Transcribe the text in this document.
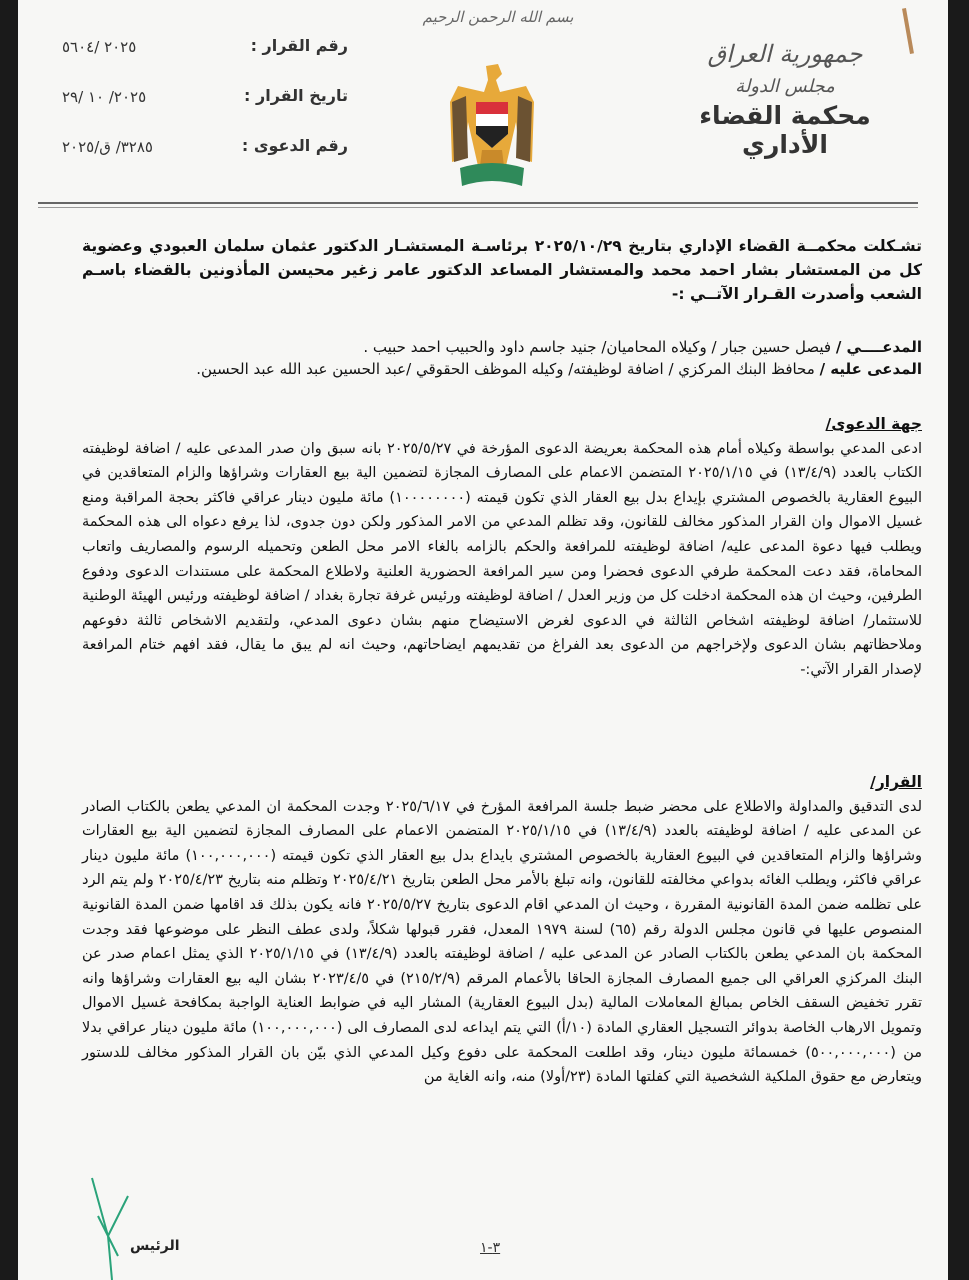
بسم الله الرحمن الرحيم
جمهورية العراق
مجلس الدولة
محكمة القضاء الأداري
رقم القرار :
٢٠٢٥ /٥٦٠٤
تاريخ القرار :
٢٠٢٥/ ١٠ /٢٩
رقم الدعوى :
٣٢٨٥/ ق/٢٠٢٥
تشـكلت محكمــة القضاء الإداري بتاريخ ٢٠٢٥/١٠/٢٩ برئاسـة المستشـار الدكتور عثمان سلمان العبودي وعضوية كل من المستشار بشار احمد محمد والمستشار المساعد الدكتور عامر زغير محيسن المأذونين بالقضاء باسـم الشعب وأصدرت القـرار الآتــي :-
المدعــــي / فيصل حسين جبار / وكيلاه المحاميان/ جنيد جاسم داود والحبيب احمد حبيب .
المدعى عليه / محافظ البنك المركزي / اضافة لوظيفته/ وكيله الموظف الحقوقي /عبد الحسين عبد الله عبد الحسين.
جهة الدعوى/
ادعى المدعي بواسطة وكيلاه أمام هذه المحكمة بعريضة الدعوى المؤرخة في ٢٠٢٥/٥/٢٧ بانه سبق وان صدر المدعى عليه / اضافة لوظيفته الكتاب بالعدد (١٣/٤/٩) في ٢٠٢٥/١/١٥ المتضمن الاعمام على المصارف المجازة لتضمين الية بيع العقارات وشراؤها والزام المتعاقدين في البيوع العقارية بالخصوص المشتري بإيداع بدل بيع العقار الذي تكون قيمته (١٠٠٠٠٠٠٠٠) مائة مليون دينار عراقي فاكثر بحجة المراقبة ومنع غسيل الاموال وان القرار المذكور مخالف للقانون، وقد تظلم المدعي من الامر المذكور ولكن دون جدوى، لذا يرفع دعواه الى هذه المحكمة ويطلب فيها دعوة المدعى عليه/ اضافة لوظيفته للمرافعة والحكم بالزامه بالغاء الامر محل الطعن وتحميله الرسوم والمصاريف واتعاب المحاماة، فقد دعت المحكمة طرفي الدعوى فحضرا ومن سير المرافعة الحضورية العلنية ولاطلاع المحكمة على مستندات الدعوى ودفوع الطرفين، وحيث ان هذه المحكمة ادخلت كل من وزير العدل / اضافة لوظيفته ورئيس غرفة تجارة بغداد / اضافة لوظيفته ورئيس الهيئة الوطنية للاستثمار/ اضافة لوظيفته اشخاص الثالثة في الدعوى لغرض الاستيضاح منهم بشان دعوى المدعي، ولتقديم الاشخاص ثالثة دفوعهم وملاحظاتهم بشان الدعوى ولإخراجهم من الدعوى بعد الفراغ من تقديمهم ايضاحاتهم، وحيث انه لم يبق ما يقال، فقد افهم ختام المرافعة لإصدار القرار الآتي:-
القرار/
لدى التدقيق والمداولة والاطلاع على محضر ضبط جلسة المرافعة المؤرخ في ٢٠٢٥/٦/١٧ وجدت المحكمة ان المدعي يطعن بالكتاب الصادر عن المدعى عليه / اضافة لوظيفته بالعدد (١٣/٤/٩) في ٢٠٢٥/١/١٥ المتضمن الاعمام على المصارف المجازة لتضمين الية بيع العقارات وشراؤها والزام المتعاقدين في البيوع العقارية بالخصوص المشتري بايداع بدل بيع العقار الذي تكون قيمته (١٠٠,٠٠٠,٠٠٠) مائة مليون دينار عراقي فاكثر، ويطلب الغائه بدواعي مخالفته للقانون، وانه تبلغ بالأمر محل الطعن بتاريخ ٢٠٢٥/٤/٢١ وتظلم منه بتاريخ ٢٠٢٥/٤/٢٣ ولم يتم الرد على تظلمه ضمن المدة القانونية المقررة ، وحيث ان المدعي اقام الدعوى بتاريخ ٢٠٢٥/٥/٢٧ فانه يكون بذلك قد اقامها ضمن المدة القانونية المنصوص عليها في قانون مجلس الدولة رقم (٦٥) لسنة ١٩٧٩ المعدل، فقرر قبولها شكلاً، ولدى عطف النظر على موضوعها فقد وجدت المحكمة بان المدعي يطعن بالكتاب الصادر عن المدعى عليه / اضافة لوظيفته بالعدد (١٣/٤/٩) في ٢٠٢٥/١/١٥ الذي يمثل اعمام صدر عن البنك المركزي العراقي الى جميع المصارف المجازة الحاقا بالأعمام المرقم (٢١٥/٢/٩) في ٢٠٢٣/٤/٥ بشان اليه بيع العقارات وشراؤها وانه تقرر تخفيض السقف الخاص بمبالغ المعاملات المالية (بدل البيوع العقارية) المشار اليه في ضوابط العناية الواجبة بمكافحة غسيل الاموال وتمويل الارهاب الخاصة بدوائر التسجيل العقاري المادة (١٠/أ) التي يتم ايداعه لدى المصارف الى (١٠٠,٠٠٠,٠٠٠) مائة مليون دينار عراقي بدلا من (٥٠٠,٠٠٠,٠٠٠) خمسمائة مليون دينار، وقد اطلعت المحكمة على دفوع وكيل المدعي الذي بيّن بان القرار المذكور مخالف للدستور ويتعارض مع حقوق الملكية الشخصية التي كفلتها المادة (٢٣/أولا) منه، وانه الغاية من
الرئيس	٣-١
